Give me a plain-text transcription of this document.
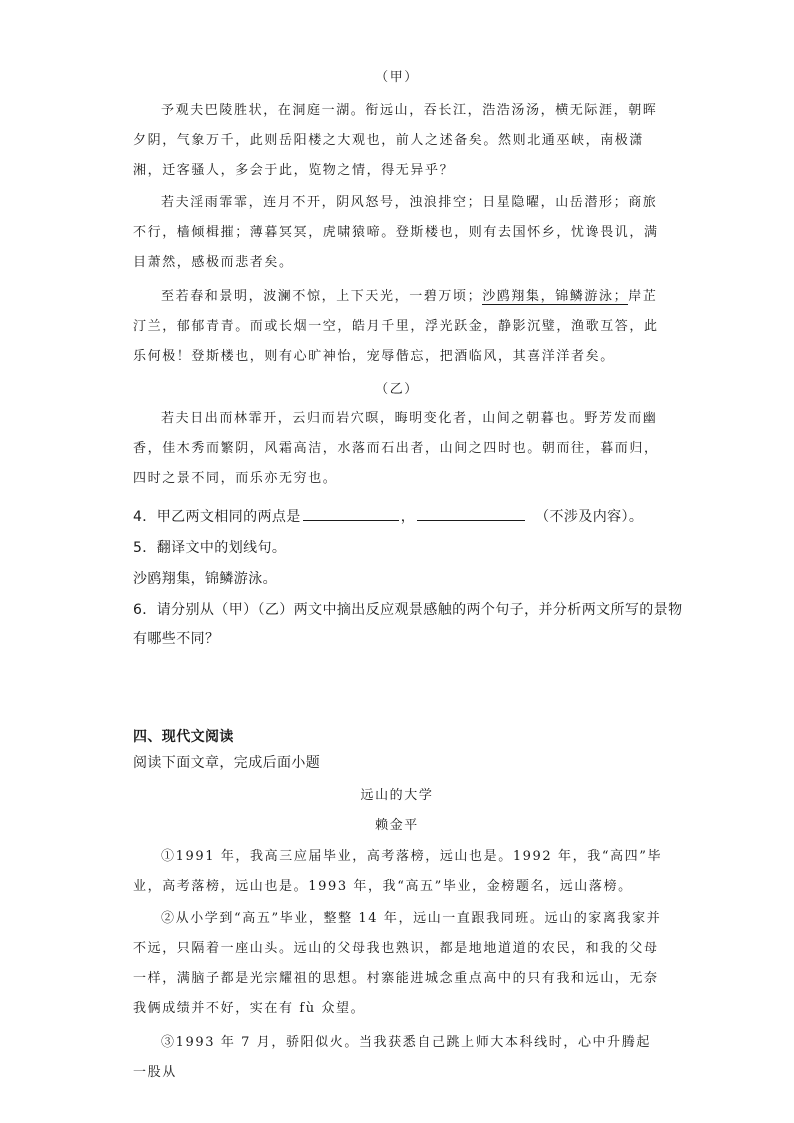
（甲）
予观夫巴陵胜状，在洞庭一湖。衔远山，吞长江，浩浩汤汤，横无际涯，朝晖夕阴，气象万千，此则岳阳楼之大观也，前人之述备矣。然则北通巫峡，南极潇湘，迁客骚人，多会于此，览物之情，得无异乎？
若夫淫雨霏霏，连月不开，阴风怒号，浊浪排空；日星隐曜，山岳潜形；商旅不行，樯倾楫摧；薄暮冥冥，虎啸猿啼。登斯楼也，则有去国怀乡，忧谗畏讥，满目萧然，感极而悲者矣。
至若春和景明，波澜不惊，上下天光，一碧万顷；沙鸥翔集，锦鳞游泳；岸芷汀兰，郁郁青青。而或长烟一空，皓月千里，浮光跃金，静影沉璧，渔歌互答，此乐何极！登斯楼也，则有心旷神怡，宠辱偕忘，把酒临风，其喜洋洋者矣。
（乙）
若夫日出而林霏开，云归而岩穴暝，晦明变化者，山间之朝暮也。野芳发而幽香，佳木秀而繁阴，风霜高洁，水落而石出者，山间之四时也。朝而往，暮而归，四时之景不同，而乐亦无穷也。
4．甲乙两文相同的两点是	，	（不涉及内容）。
5．翻译文中的划线句。
沙鸥翔集，锦鳞游泳。
6．请分别从（甲）（乙）两文中摘出反应观景感触的两个句子，并分析两文所写的景物
有哪些不同？
四、现代文阅读
阅读下面文章，完成后面小题
远山的大学
赖金平
①1991 年，我高三应届毕业，高考落榜，远山也是。1992 年，我“高四”毕业，高考落榜，远山也是。1993 年，我“高五”毕业，金榜题名，远山落榜。
②从小学到“高五”毕业，整整 14 年，远山一直跟我同班。远山的家离我家并不远，只隔着一座山头。远山的父母我也熟识，都是地地道道的农民，和我的父母一样，满脑子都是光宗耀祖的思想。村寨能进城念重点高中的只有我和远山，无奈我俩成绩并不好，实在有 fù 众望。
③1993 年 7 月，骄阳似火。当我获悉自己跳上师大本科线时，心中升腾起一股从
